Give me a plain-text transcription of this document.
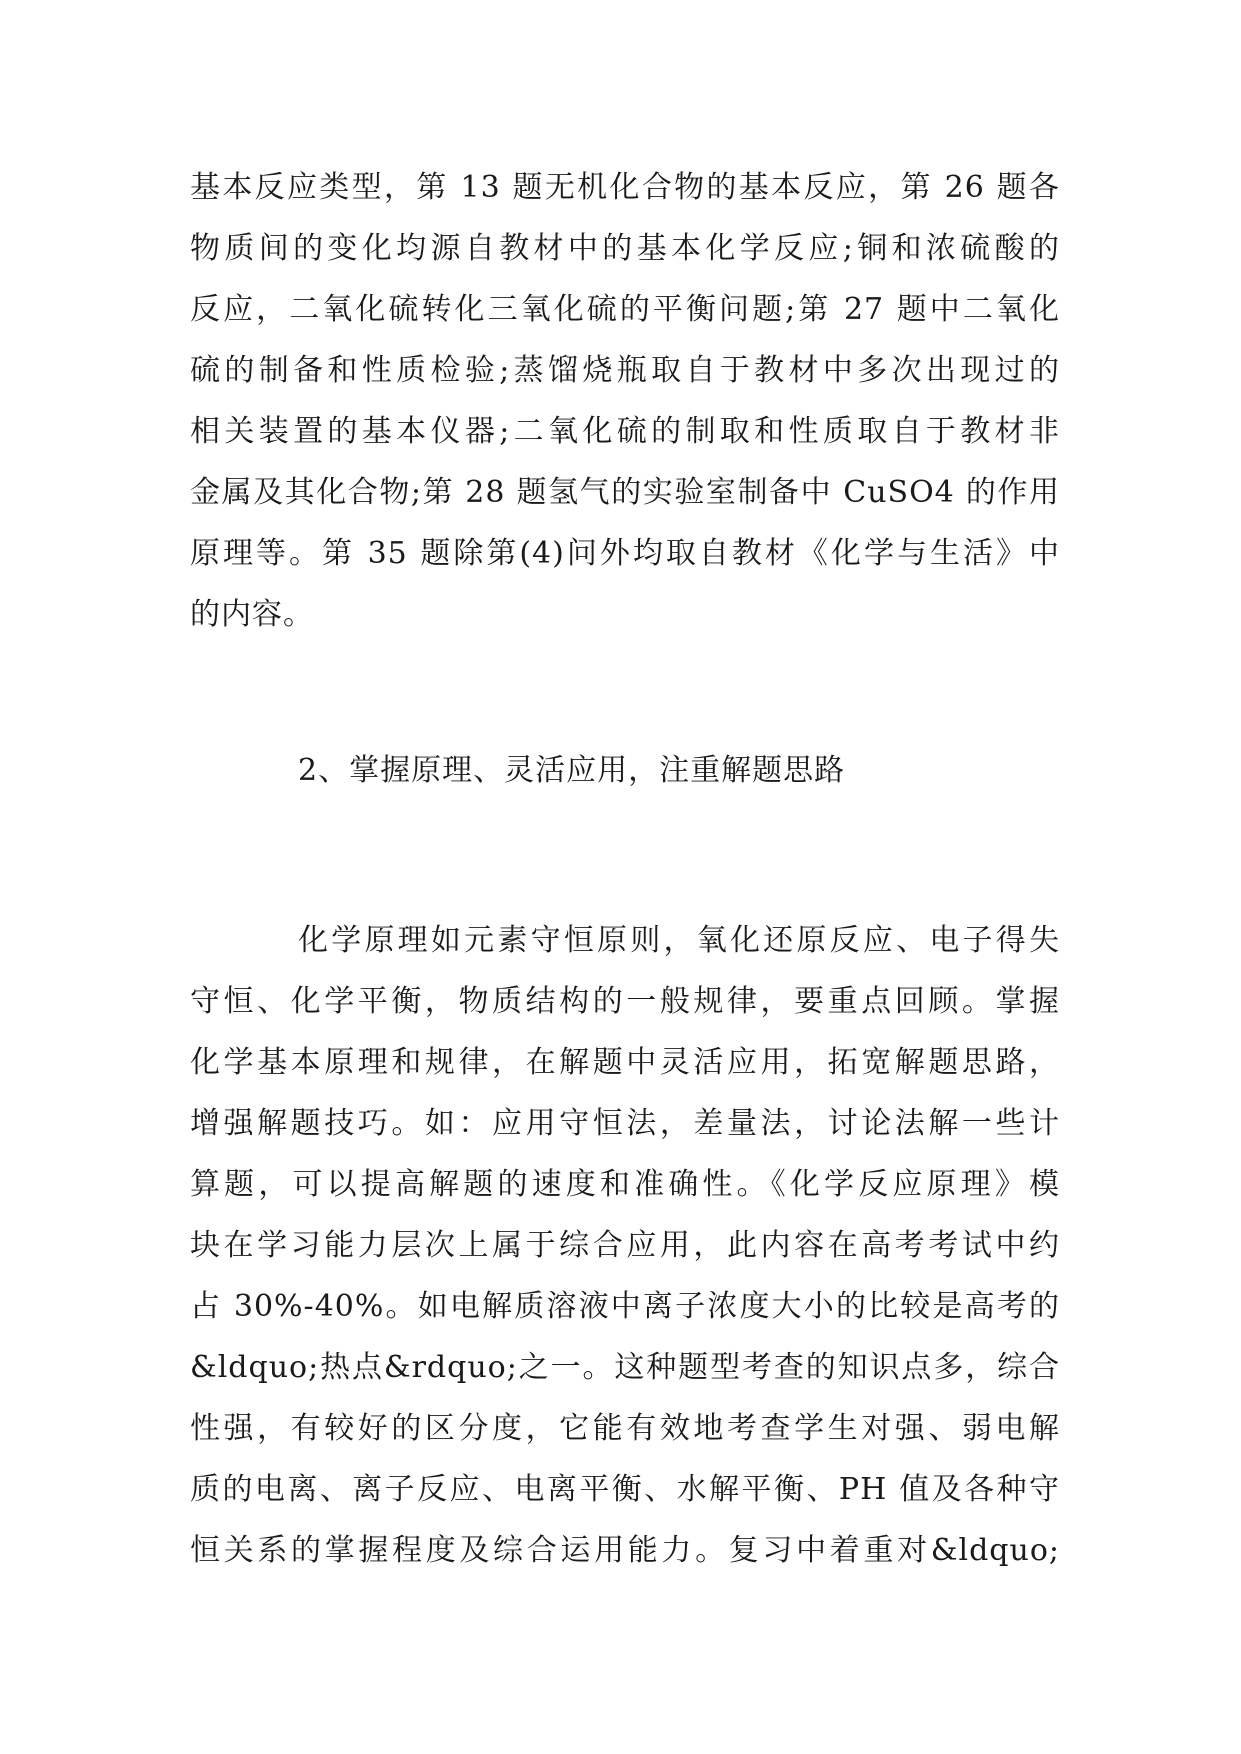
基本反应类型，第 13 题无机化合物的基本反应，第 26 题各
物质间的变化均源自教材中的基本化学反应;铜和浓硫酸的
反应，二氧化硫转化三氧化硫的平衡问题;第 27 题中二氧化
硫的制备和性质检验;蒸馏烧瓶取自于教材中多次出现过的
相关装置的基本仪器;二氧化硫的制取和性质取自于教材非
金属及其化合物;第 28 题氢气的实验室制备中 CuSO4 的作用
原理等。第 35 题除第(4)问外均取自教材《化学与生活》中
的内容。
2、掌握原理、灵活应用，注重解题思路
化学原理如元素守恒原则，氧化还原反应、电子得失
守恒、化学平衡，物质结构的一般规律，要重点回顾。掌握
化学基本原理和规律，在解题中灵活应用，拓宽解题思路，
增强解题技巧。如：应用守恒法，差量法，讨论法解一些计
算题，可以提高解题的速度和准确性。《化学反应原理》模
块在学习能力层次上属于综合应用，此内容在高考考试中约
占 30%-40%。如电解质溶液中离子浓度大小的比较是高考的
&ldquo;热点&rdquo;之一。这种题型考查的知识点多，综合
性强，有较好的区分度，它能有效地考查学生对强、弱电解
质的电离、离子反应、电离平衡、水解平衡、PH 值及各种守
恒关系的掌握程度及综合运用能力。复习中着重对&ldquo;
